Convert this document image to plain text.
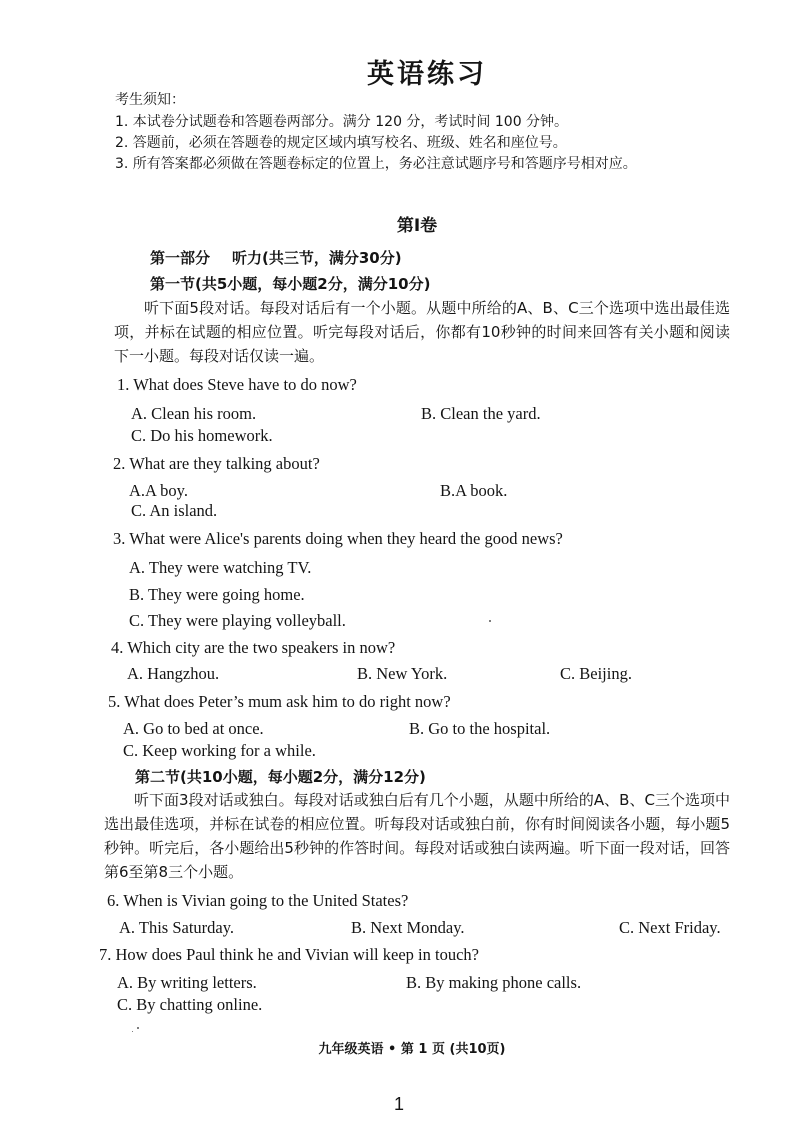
英语练习
考生须知：
1. 本试卷分试题卷和答题卷两部分。满分 120 分，考试时间 100 分钟。
2. 答题前，必须在答题卷的规定区域内填写校名、班级、姓名和座位号。
3. 所有答案都必须做在答题卷标定的位置上，务必注意试题序号和答题序号相对应。
第Ⅰ卷
第一部分 听力(共三节，满分30分)
第一节(共5小题，每小题2分，满分10分)
听下面5段对话。每段对话后有一个小题。从题中所给的A、B、C三个选项中选出最佳选项，并标在试题的相应位置。听完每段对话后，你都有10秒钟的时间来回答有关小题和阅读下一小题。每段对话仅读一遍。
1. What does Steve have to do now?
A. Clean his room.	B. Clean the yard.
C. Do his homework.
2. What are they talking about?
A.A boy.	B.A book.
C. An island.
3. What were Alice's parents doing when they heard the good news?
A. They were watching TV.
B. They were going home.
C. They were playing volleyball.
4. Which city are the two speakers in now?
A. Hangzhou.	B. New York.	C. Beijing.
5. What does Peter’s mum ask him to do right now?
A. Go to bed at once.	B. Go to the hospital.
C. Keep working for a while.
第二节(共10小题，每小题2分，满分12分)
听下面3段对话或独白。每段对话或独白后有几个小题，从题中所给的A、B、C三个选项中选出最佳选项，并标在试卷的相应位置。听每段对话或独白前，你有时间阅读各小题，每小题5秒钟。听完后，各小题给出5秒钟的作答时间。每段对话或独白读两遍。听下面一段对话，回答第6至第8三个小题。
6. When is Vivian going to the United States?
A. This Saturday.	B. Next Monday.	C. Next Friday.
7. How does Paul think he and Vivian will keep in touch?
A. By writing letters.	B. By making phone calls.
C. By chatting online.
九年级英语 • 第 1 页 (共10页)
1
